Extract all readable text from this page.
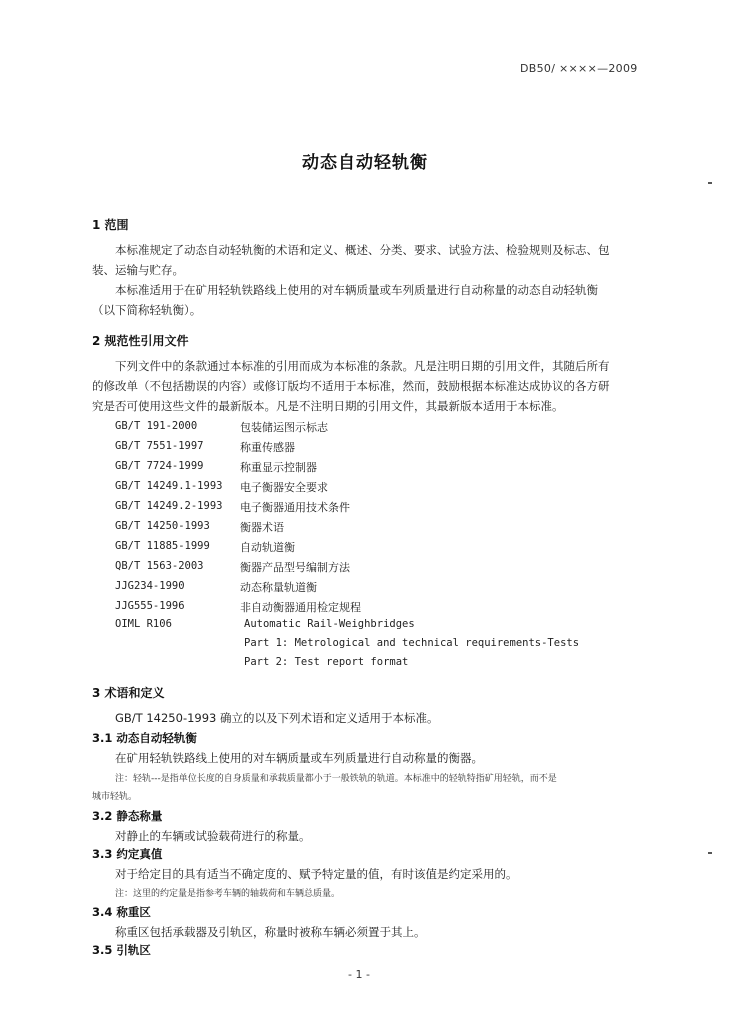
DB50/ ××××—2009
动态自动轻轨衡
1 范围
本标准规定了动态自动轻轨衡的术语和定义、概述、分类、要求、试验方法、检验规则及标志、包
装、运输与贮存。
本标准适用于在矿用轻轨铁路线上使用的对车辆质量或车列质量进行自动称量的动态自动轻轨衡
（以下简称轻轨衡）。
2 规范性引用文件
下列文件中的条款通过本标准的引用而成为本标准的条款。凡是注明日期的引用文件，其随后所有
的修改单（不包括勘误的内容）或修订版均不适用于本标准，然而，鼓励根据本标准达成协议的各方研
究是否可使用这些文件的最新版本。凡是不注明日期的引用文件，其最新版本适用于本标准。
GB/T 191-2000	包装储运图示标志
GB/T 7551-1997	称重传感器
GB/T 7724-1999	称重显示控制器
GB/T 14249.1-1993 电子衡器安全要求
GB/T 14249.2-1993 电子衡器通用技术条件
GB/T 14250-1993	衡器术语
GB/T 11885-1999	自动轨道衡
QB/T 1563-2003	衡器产品型号编制方法
JJG234-1990	动态称量轨道衡
JJG555-1996	非自动衡器通用检定规程
OIML R106	Automatic Rail-Weighbridges
Part 1: Metrological and technical requirements-Tests
Part 2: Test report format
3 术语和定义
GB/T 14250-1993 确立的以及下列术语和定义适用于本标准。
3.1 动态自动轻轨衡
在矿用轻轨铁路线上使用的对车辆质量或车列质量进行自动称量的衡器。
注：轻轨---是指单位长度的自身质量和承载质量都小于一般铁轨的轨道。本标准中的轻轨特指矿用轻轨，而不是
城市轻轨。
3.2 静态称量
对静止的车辆或试验载荷进行的称量。
3.3 约定真值
对于给定目的具有适当不确定度的、赋予特定量的值，有时该值是约定采用的。
注：这里的约定量是指参考车辆的轴载荷和车辆总质量。
3.4 称重区
称重区包括承载器及引轨区，称量时被称车辆必须置于其上。
3.5 引轨区
- 1 -
